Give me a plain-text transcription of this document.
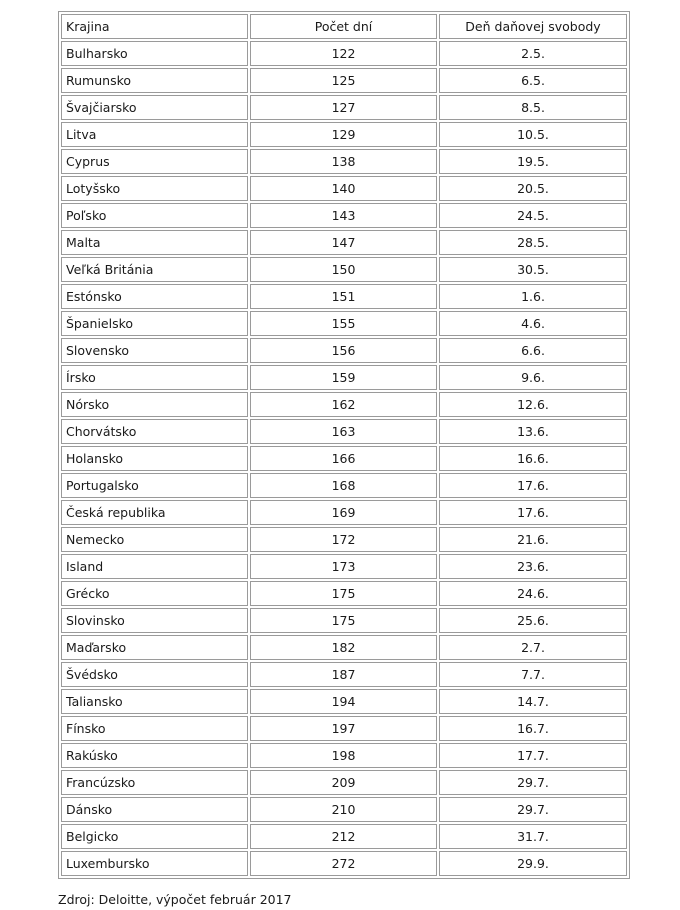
Krajina	Počet dní	Deň daňovej svobody
Bulharsko	122	2.5.
Rumunsko	125	6.5.
Švajčiarsko	127	8.5.
Litva	129	10.5.
Cyprus	138	19.5.
Lotyšsko	140	20.5.
Poľsko	143	24.5.
Malta	147	28.5.
Veľká Británia	150	30.5.
Estónsko	151	1.6.
Španielsko	155	4.6.
Slovensko	156	6.6.
Írsko	159	9.6.
Nórsko	162	12.6.
Chorvátsko	163	13.6.
Holansko	166	16.6.
Portugalsko	168	17.6.
Česká republika	169	17.6.
Nemecko	172	21.6.
Island	173	23.6.
Grécko	175	24.6.
Slovinsko	175	25.6.
Maďarsko	182	2.7.
Švédsko	187	7.7.
Taliansko	194	14.7.
Fínsko	197	16.7.
Rakúsko	198	17.7.
Francúzsko	209	29.7.
Dánsko	210	29.7.
Belgicko	212	31.7.
Luxembursko	272	29.9.
Zdroj: Deloitte, výpočet február 2017
